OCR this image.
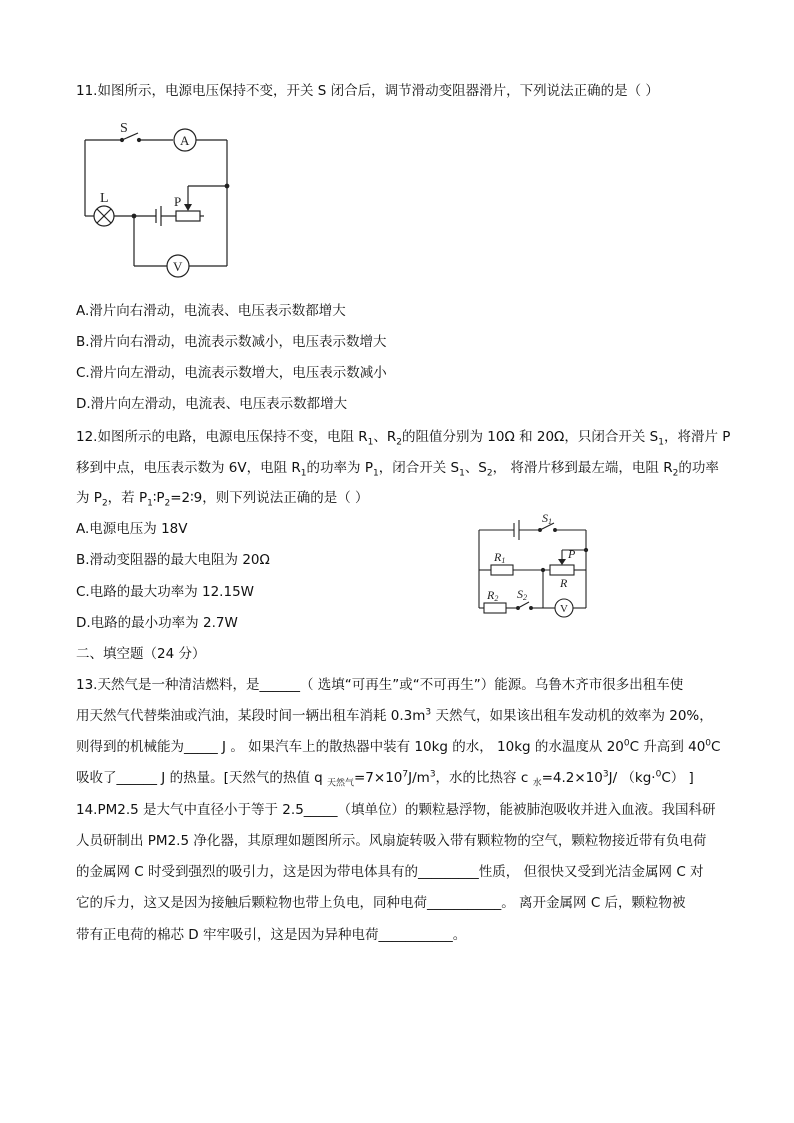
11.如图所示，电源电压保持不变，开关 S 闭合后，调节滑动变阻器滑片，下列说法正确的是（ ）
S
A
L	P
V
A.滑片向右滑动，电流表、电压表示数都增大
B.滑片向右滑动，电流表示数减小，电压表示数增大
C.滑片向左滑动，电流表示数增大，电压表示数减小
D.滑片向左滑动，电流表、电压表示数都增大
12.如图所示的电路，电源电压保持不变，电阻 $R_1$、$R_2$的阻值分别为 10Ω 和 20Ω，只闭合开关 $S_1$，将滑片 P
移到中点，电压表示数为 6V，电阻 $R_1$的功率为 $P_1$，闭合开关 $S_1$、$S_2$， 将滑片移到最左端，电阻 $R_2$的功率
为 $P_2$，若 $P_1∶P_2=2∶9$，则下列说法正确的是（ ）
A.电源电压为 18V
B.滑动变阻器的最大电阻为 20Ω
C.电路的最大功率为 12.15W
D.电路的最小功率为 2.7W
S1
R1	P
R
R2 S2
V
二、填空题（24 分）
13.天然气是一种清洁燃料，是______（ 选填“可再生”或“不可再生”）能源。乌鲁木齐市很多出租车使
用天然气代替柴油或汽油，某段时间一辆出租车消耗 $0.3m^3$ 天然气，如果该出租车发动机的效率为 20%，
则得到的机械能为_____ J 。 如果汽车上的散热器中装有 10kg 的水， 10kg 的水温度从 $20^0C$ 升高到 $40^0C$
吸收了______ J 的热量。[天然气的热值 q $_{天然气}=7\times 10^7J/m^3$，水的比热容 c $_水=4.2\times 10^3J/$ （kg·$^0$C） ]
14.PM2.5 是大气中直径小于等于 2.5_____（填单位）的颗粒悬浮物，能被肺泡吸收并进入血液。我国科研
人员研制出 PM2.5 净化器，其原理如题图所示。风扇旋转吸入带有颗粒物的空气，颗粒物接近带有负电荷
的金属网 C 时受到强烈的吸引力，这是因为带电体具有的_________性质， 但很快又受到光洁金属网 C 对
它的斥力，这又是因为接触后颗粒物也带上负电，同种电荷___________。 离开金属网 C 后，颗粒物被
带有正电荷的棉芯 D 牢牢吸引，这是因为异种电荷___________。
